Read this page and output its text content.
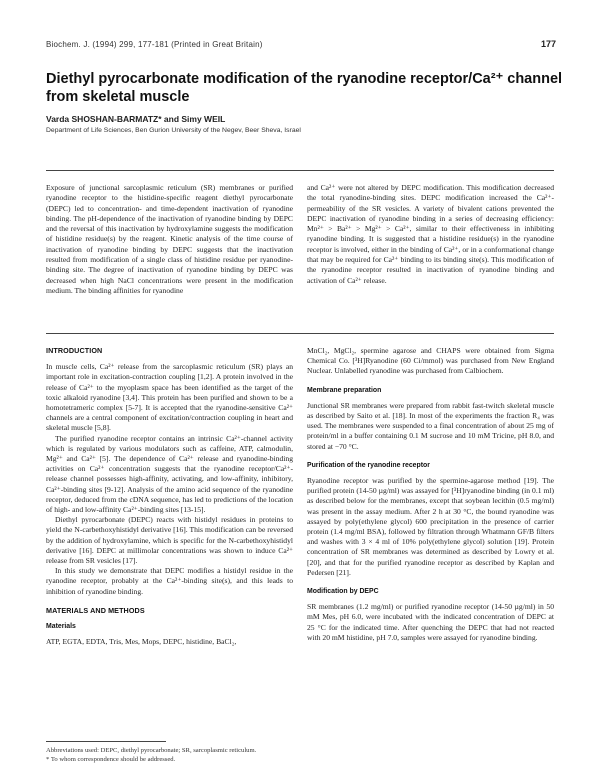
Biochem. J. (1994) 299, 177-181 (Printed in Great Britain)	177
Diethyl pyrocarbonate modification of the ryanodine receptor/Ca²⁺ channel from skeletal muscle
Varda SHOSHAN-BARMATZ* and Simy WEIL
Department of Life Sciences, Ben Gurion University of the Negev, Beer Sheva, Israel

Exposure of junctional sarcoplasmic reticulum (SR) membranes or purified ryanodine receptor to the histidine-specific reagent diethyl pyrocarbonate (DEPC) led to concentration- and time-dependent inactivation of ryanodine binding. The pH-dependence of the inactivation of ryanodine binding by DEPC and the reversal of this inactivation by hydroxylamine suggests the modification of histidine residue(s) by the reagent. Kinetic analysis of the time course of inactivation of ryanodine binding by DEPC suggests that the inactivation resulted from modification of a single class of histidine residue per ryanodine-binding site. The degree of inactivation of ryanodine binding by DEPC was decreased when high NaCl concentrations were present in the modification medium. The binding affinities for ryanodine

and Ca²⁺ were not altered by DEPC modification. This modification decreased the total ryanodine-binding sites. DEPC modification increased the Ca²⁺-permeability of the SR vesicles. A variety of bivalent cations prevented the DEPC inactivation of ryanodine binding in a series of decreasing efficiency: Mn²⁺ > Ba²⁺ > Mg²⁺ > Ca²⁺, similar to their effectiveness in inhibiting ryanodine binding. It is suggested that a histidine residue(s) in the ryanodine receptor is involved, either in the binding of Ca²⁺, or in a conformational change that may be required for Ca²⁺ binding to its binding site(s). This modification of the ryanodine receptor resulted in inactivation of ryanodine binding and activation of Ca²⁺ release.

INTRODUCTION

In muscle cells, Ca²⁺ release from the sarcoplasmic reticulum (SR) plays an important role in excitation-contraction coupling [1,2]. A protein involved in the release of Ca²⁺ to the myoplasm space has been identified as the target of the toxic alkaloid ryanodine [3,4]. This protein has been purified and shown to be a homotetrameric complex [5-7]. It is accepted that the ryanodine-sensitive Ca²⁺ channels are a central component of excitation/contraction coupling in heart and skeletal muscle [5,8].

The purified ryanodine receptor contains an intrinsic Ca²⁺-channel activity which is regulated by various modulators such as caffeine, ATP, calmodulin, Mg²⁺ and Ca²⁺ [5]. The dependence of Ca²⁺ release and ryanodine-binding activities on Ca²⁺ concentration suggests that the ryanodine receptor/Ca²⁺-release channel possesses high-affinity, activating, and low-affinity, inhibitory, Ca²⁺-binding sites [9-12]. Analysis of the amino acid sequence of the ryanodine receptor, deduced from the cDNA sequence, has led to predictions of the location of high- and low-affinity Ca²⁺-binding sites [13-15].

Diethyl pyrocarbonate (DEPC) reacts with histidyl residues in proteins to yield the N-carbethoxyhistidyl derivative [16]. This modification can be reversed by the addition of hydroxylamine, which is specific for the N-carbethoxyhistidyl derivative [16]. DEPC at millimolar concentrations was shown to induce Ca²⁺ release from SR vesicles [17].

In this study we demonstrate that DEPC modifies a histidyl residue in the ryanodine receptor, probably at the Ca²⁺-binding site(s), and this leads to inhibition of ryanodine binding.

MATERIALS AND METHODS
Materials

ATP, EGTA, EDTA, Tris, Mes, Mops, DEPC, histidine, BaCl₂,

MnCl₂, MgCl₂, spermine agarose and CHAPS were obtained from Sigma Chemical Co. [³H]Ryanodine (60 Ci/mmol) was purchased from New England Nuclear. Unlabelled ryanodine was purchased from Calbiochem.

Membrane preparation

Junctional SR membranes were prepared from rabbit fast-twitch skeletal muscle as described by Saito et al. [18]. In most of the experiments the fraction R₄ was used. The membranes were suspended to a final concentration of about 25 mg of protein/ml in a buffer containing 0.1 M sucrose and 10 mM Tricine, pH 8.0, and stored at −70 °C.

Purification of the ryanodine receptor

Ryanodine receptor was purified by the spermine-agarose method [19]. The purified protein (14-50 µg/ml) was assayed for [³H]ryanodine binding (in 0.1 ml) as described below for the membranes, except that soybean lecithin (0.5 mg/ml) was present in the assay medium. After 2 h at 30 °C, the bound ryanodine was assayed by poly(ethylene glycol) 600 precipitation in the presence of carrier protein (1.4 mg/ml BSA), followed by filtration through Whatmann GF/B filters and washes with 3 × 4 ml of 10% poly(ethylene glycol) solution [19]. Protein concentration of SR membranes was determined as described by Lowry et al. [20], and that for the purified ryanodine receptor as described by Kaplan and Pedersen [21].

Modification by DEPC

SR membranes (1.2 mg/ml) or purified ryanodine receptor (14-50 µg/ml) in 50 mM Mes, pH 6.0, were incubated with the indicated concentration of DEPC at 25 °C for the indicated time. After quenching the DEPC that had not reacted with 20 mM histidine, pH 7.0, samples were assayed for ryanodine binding.

Abbreviations used: DEPC, diethyl pyrocarbonate; SR, sarcoplasmic reticulum.
* To whom correspondence should be addressed.
